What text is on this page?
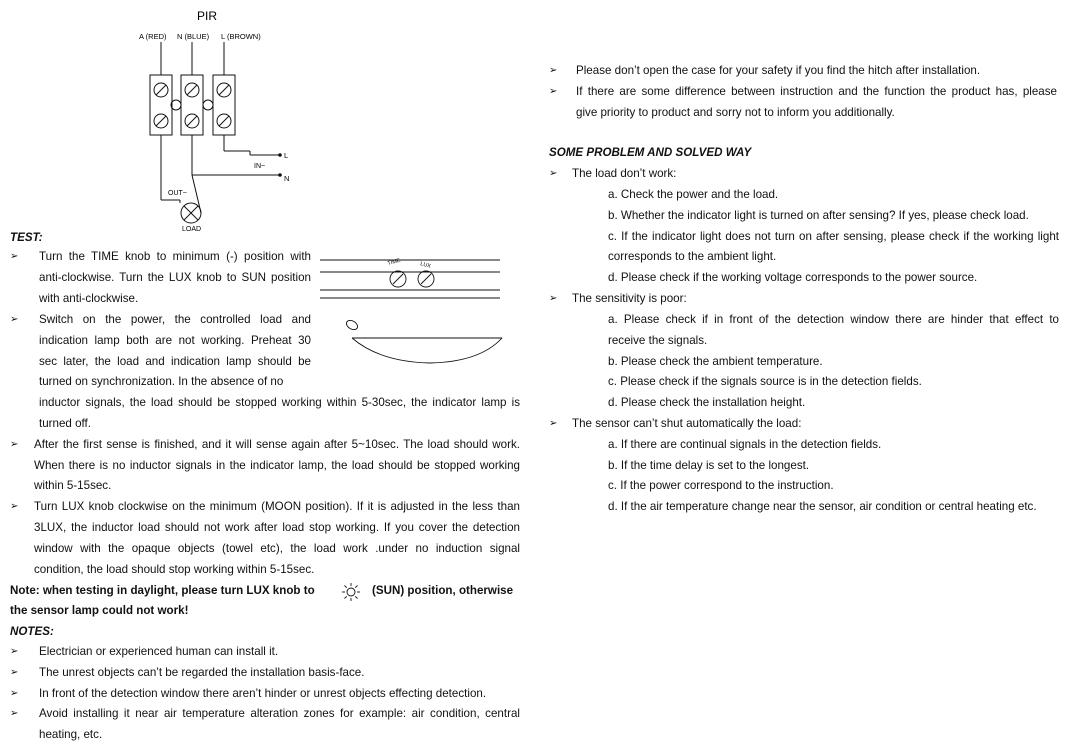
PIR
A (RED) N (BLUE) L (BROWN)
L
N
IN~
OUT~
LOAD
TIME	LUX
TEST:
➢ Turn the TIME knob to minimum (-) position with
anti-clockwise. Turn the LUX knob to SUN position
with anti-clockwise.
➢ Switch on the power, the controlled load and
indication lamp both are not working. Preheat 30
sec later, the load and indication lamp should be
turned on synchronization. In the absence of no
inductor signals, the load should be stopped working within 5-30sec, the indicator lamp is
turned off.
➢ After the first sense is finished, and it will sense again after 5~10sec. The load should work.
When there is no inductor signals in the indicator lamp, the load should be stopped working
within 5-15sec.
➢ Turn LUX knob clockwise on the minimum (MOON position). If it is adjusted in the less than
3LUX, the inductor load should not work after load stop working. If you cover the detection
window with the opaque objects (towel etc), the load work .under no induction signal
condition, the load should stop working within 5-15sec.
Note: when testing in daylight, please turn LUX knob to	(SUN) position, otherwise
the sensor lamp could not work!
NOTES:
➢ Electrician or experienced human can install it.
➢ The unrest objects can’t be regarded the installation basis-face.
➢ In front of the detection window there aren’t hinder or unrest objects effecting detection.
➢ Avoid installing it near air temperature alteration zones for example: air condition, central
heating, etc.
➢ Please don’t open the case for your safety if you find the hitch after installation.
➢ If there are some difference between instruction and the function the product has, please
give priority to product and sorry not to inform you additionally.
SOME PROBLEM AND SOLVED WAY
➢ The load don’t work:
a. Check the power and the load.
b. Whether the indicator light is turned on after sensing? If yes, please check load.
c. If the indicator light does not turn on after sensing, please check if the working light
corresponds to the ambient light.
d. Please check if the working voltage corresponds to the power source.
➢ The sensitivity is poor:
a. Please check if in front of the detection window there are hinder that effect to
receive the signals.
b. Please check the ambient temperature.
c. Please check if the signals source is in the detection fields.
d. Please check the installation height.
➢ The sensor can’t shut automatically the load:
a. If there are continual signals in the detection fields.
b. If the time delay is set to the longest.
c. If the power correspond to the instruction.
d. If the air temperature change near the sensor, air condition or central heating etc.
